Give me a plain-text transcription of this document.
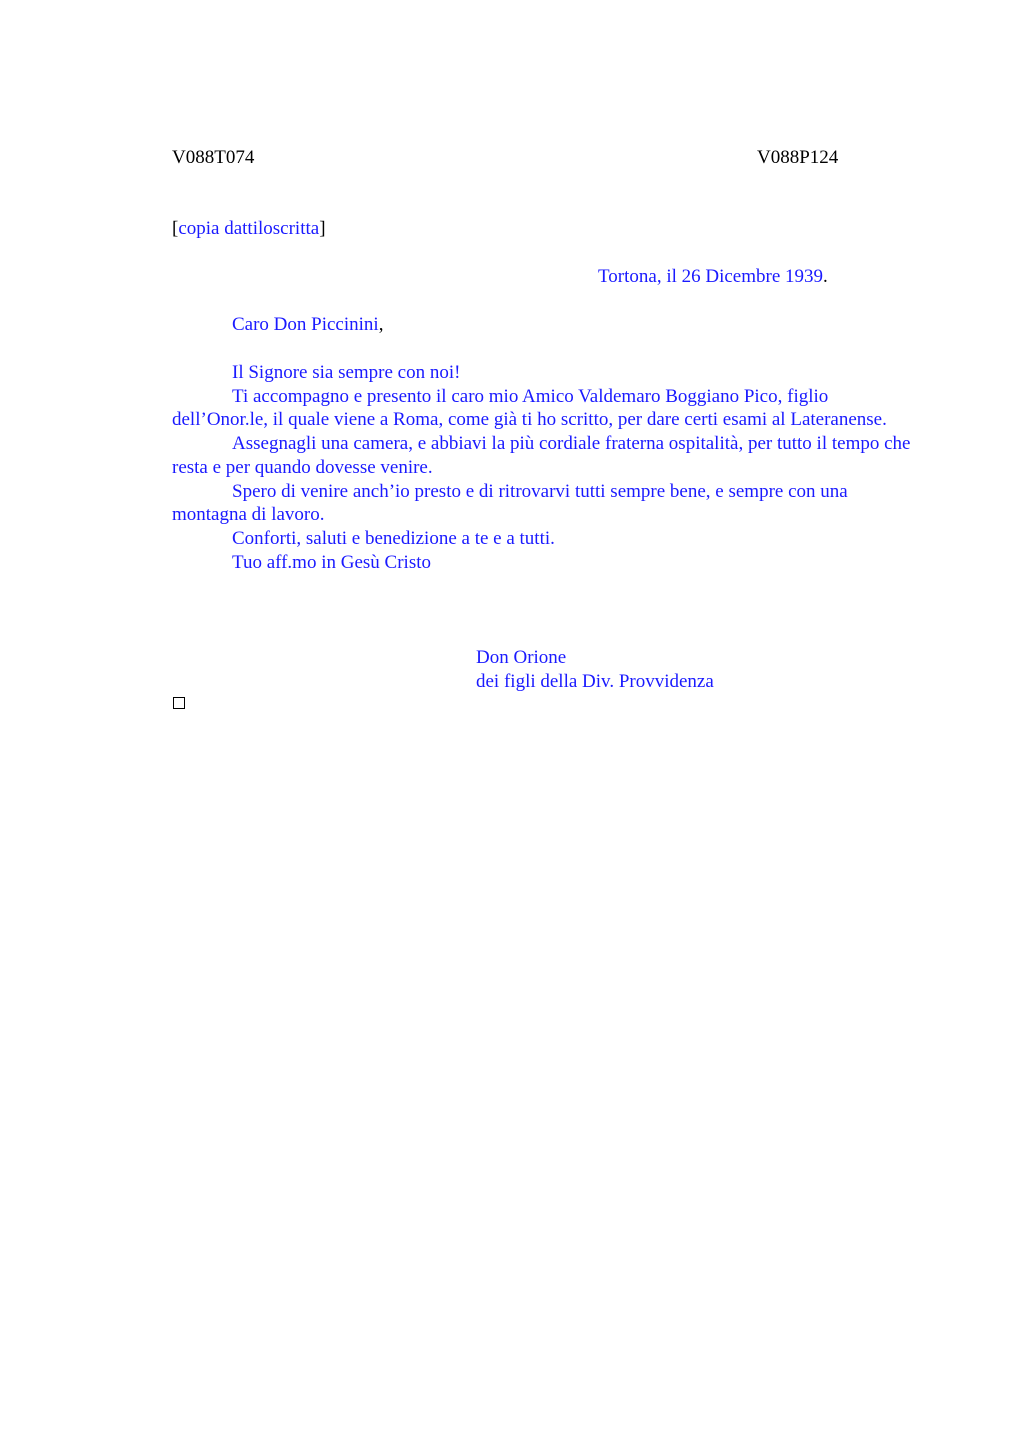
V088T074	V088P124
[copia dattiloscritta]
Tortona, il 26 Dicembre 1939.
Caro Don Piccinini,

Il Signore sia sempre con noi!

Ti accompagno e presento il caro mio Amico Valdemaro Boggiano Pico, figlio dell’Onor.le, il quale viene a Roma, come già ti ho scritto, per dare certi esami al Lateranense.

Assegnagli una camera, e abbiavi la più cordiale fraterna ospitalità, per tutto il tempo che resta e per quando dovesse venire.

Spero di venire anch’io presto e di ritrovarvi tutti sempre bene, e sempre con una montagna di lavoro.

Conforti, saluti e benedizione a te e a tutti.

Tuo aff.mo in Gesù Cristo

Don Orione
dei figli della Div. Provvidenza
